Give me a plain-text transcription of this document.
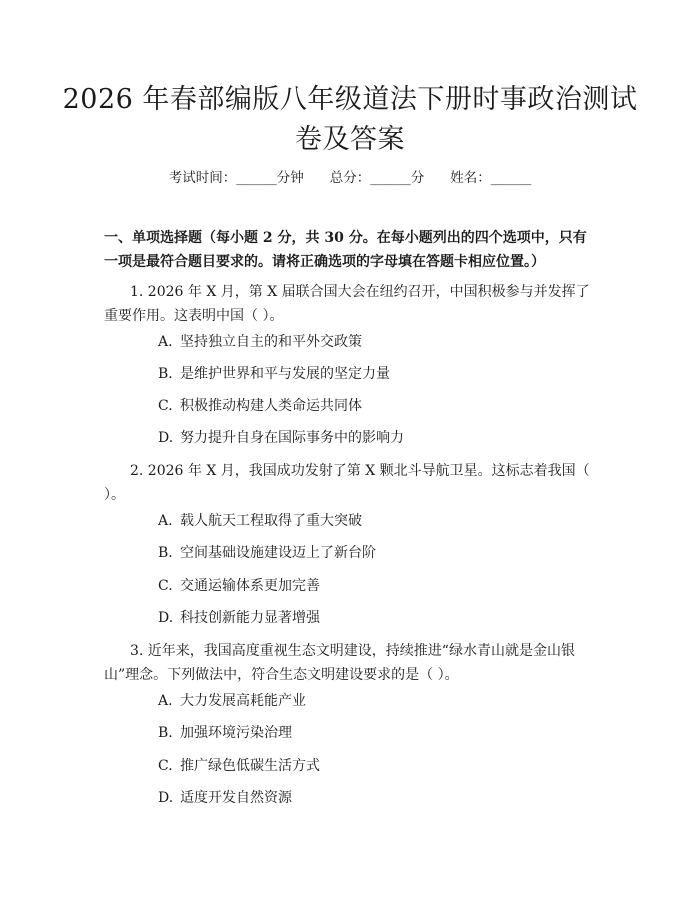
2026 年春部编版八年级道法下册时事政治测试卷及答案
考试时间：______分钟 总分：______分 姓名：______
一、单项选择题（每小题 2 分，共 30 分。在每小题列出的四个选项中，只有一项是最符合题目要求的。请将正确选项的字母填在答题卡相应位置。）
1. 2026 年 X 月，第 X 届联合国大会在纽约召开，中国积极参与并发挥了重要作用。这表明中国（ ）。
A. 坚持独立自主的和平外交政策
B. 是维护世界和平与发展的坚定力量
C. 积极推动构建人类命运共同体
D. 努力提升自身在国际事务中的影响力
2. 2026 年 X 月，我国成功发射了第 X 颗北斗导航卫星。这标志着我国（ ）。
A. 载人航天工程取得了重大突破
B. 空间基础设施建设迈上了新台阶
C. 交通运输体系更加完善
D. 科技创新能力显著增强
3. 近年来，我国高度重视生态文明建设，持续推进“绿水青山就是金山银山”理念。下列做法中，符合生态文明建设要求的是（ ）。
A. 大力发展高耗能产业
B. 加强环境污染治理
C. 推广绿色低碳生活方式
D. 适度开发自然资源
